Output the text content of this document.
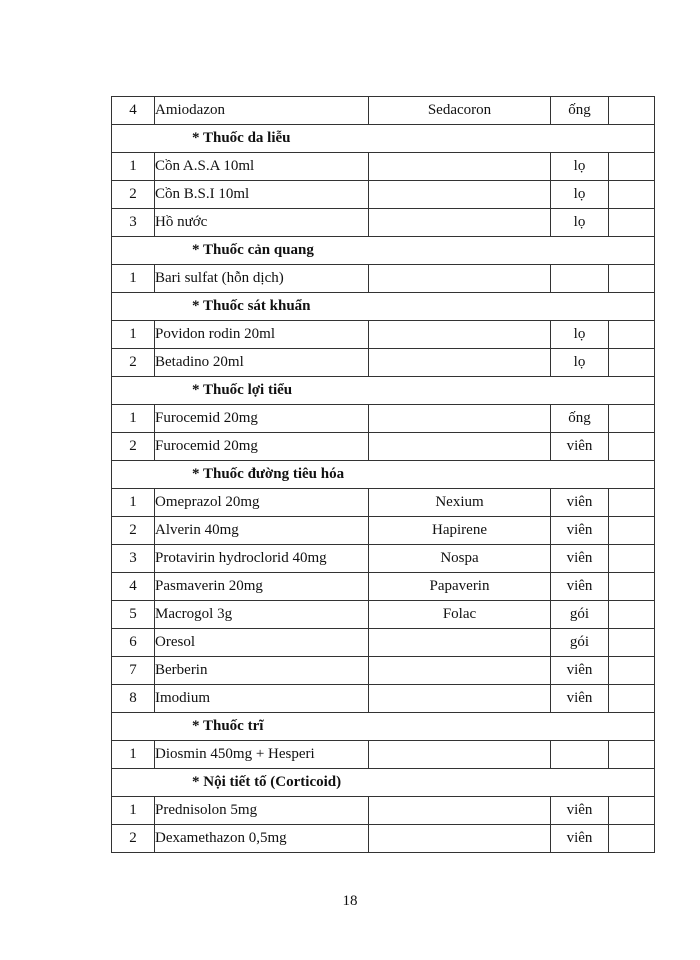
4	Amiodazon	Sedacoron	ống	
* Thuốc da liễu				
1	Cồn A.S.A 10ml		lọ	
2	Cồn B.S.I 10ml		lọ	
3	Hồ nước		lọ	
* Thuốc cản quang				
1	Bari sulfat (hỗn dịch)			
* Thuốc sát khuẩn				
1	Povidon rodin 20ml		lọ	
2	Betadino 20ml		lọ	
* Thuốc lợi tiểu				
1	Furocemid 20mg		ống	
2	Furocemid 20mg		viên	
* Thuốc đường tiêu hóa				
1	Omeprazol 20mg	Nexium	viên	
2	Alverin 40mg	Hapirene	viên	
3	Protavirin hydroclorid 40mg	Nospa	viên	
4	Pasmaverin 20mg	Papaverin	viên	
5	Macrogol 3g	Folac	gói	
6	Oresol		gói	
7	Berberin		viên	
8	Imodium		viên	
* Thuốc trĩ				
1	Diosmin 450mg + Hesperi			
* Nội tiết tố (Corticoid)				
1	Prednisolon 5mg		viên	
2	Dexamethazon 0,5mg		viên	
18
